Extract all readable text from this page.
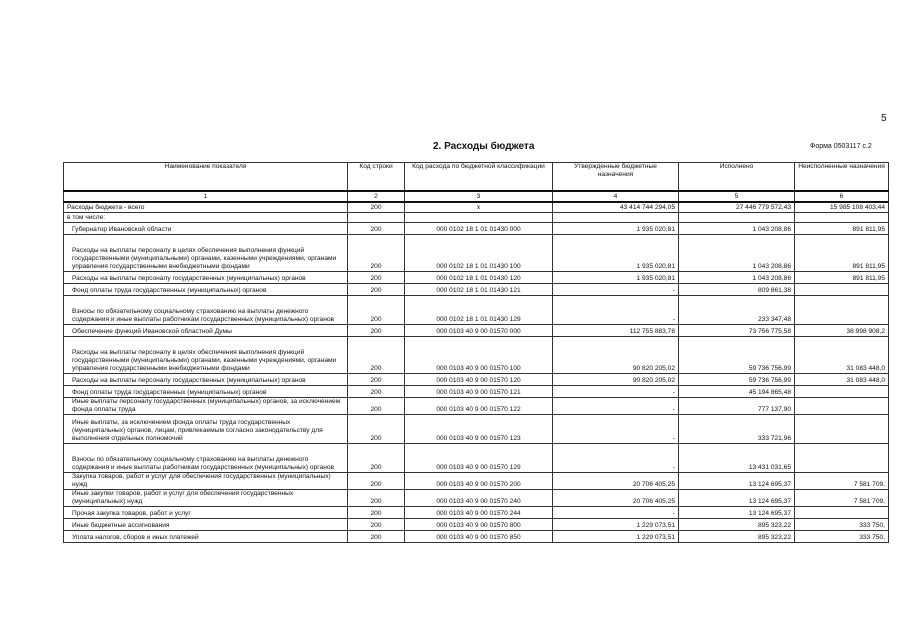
5
2. Расходы бюджета	Форма 0503117 с.2
Наименование показателя	Код строки	Код расхода по бюджетной классификации	Утвержденные бюджетные назначения	Исполнено	Неисполненные назначения
1	2	3	4	5	6
Расходы бюджета - всего	200	x	43 414 744 294,05	27 446 779 572,43	15 985 108 403,44
в том числе:					
Губернатор Ивановской области	200	000 0102 18 1 01 01430 000	1 935 020,81	1 043 208,86	891 811,95
Расходы на выплаты персоналу в целях обеспечения выполнения функций государственными (муниципальными) органами, казенными учреждениями, органами управления государственными внебюджетными фондами	200	000 0102 18 1 01 01430 100	1 935 020,81	1 043 208,86	891 811,95
Расходы на выплаты персоналу государственных (муниципальных) органов	200	000 0102 18 1 01 01430 120	1 935 020,81	1 043 208,86	891 811,95
Фонд оплаты труда государственных (муниципальных) органов	200	000 0102 18 1 01 01430 121	-	809 861,38	
Взносы по обязательному социальному страхованию на выплаты денежного содержания и иные выплаты работникам государственных (муниципальных) органов	200	000 0102 18 1 01 01430 129	-	233 347,48	
Обеспечение функций Ивановской областной Думы	200	000 0103 40 9 00 01570 000	112 755 883,78	73 756 775,58	38 998 908,2
Расходы на выплаты персоналу в целях обеспечения выполнения функций государственными (муниципальными) органами, казенными учреждениями, органами управления государственными внебюджетными фондами	200	000 0103 40 9 00 01570 100	90 820 205,02	59 736 756,99	31 083 448,0
Расходы на выплаты персоналу государственных (муниципальных) органов	200	000 0103 40 9 00 01570 120	90 820 205,02	59 736 756,99	31 083 448,0
Фонд оплаты труда государственных (муниципальных) органов	200	000 0103 40 9 00 01570 121	-	45 194 865,48	
Иные выплаты персоналу государственных (муниципальных) органов, за исключением фонда оплаты труда	200	000 0103 40 9 00 01570 122	-	777 137,90	
Иные выплаты, за исключением фонда оплаты труда государственных (муниципальных) органов, лицам, привлекаемым согласно законодательству для выполнения отдельных полномочий	200	000 0103 40 9 00 01570 123	-	333 721,96	
Взносы по обязательному социальному страхованию на выплаты денежного содержания и иные выплаты работникам государственных (муниципальных) органов	200	000 0103 40 9 00 01570 129	-	13 431 031,65	
Закупка товаров, работ и услуг для обеспечения государственных (муниципальных) нужд	200	000 0103 40 9 00 01570 200	20 706 405,25	13 124 695,37	7 581 709,
Иные закупки товаров, работ и услуг для обеспечения государственных (муниципальных) нужд	200	000 0103 40 9 00 01570 240	20 706 405,25	13 124 695,37	7 581 709,
Прочая закупка товаров, работ и услуг	200	000 0103 40 9 00 01570 244	-	13 124 695,37	
Иные бюджетные ассигнования	200	000 0103 40 9 00 01570 800	1 229 073,51	895 323,22	333 750,
Уплата налогов, сборов и иных платежей	200	000 0103 40 9 00 01570 850	1 229 073,51	895 323,22	333 750,
